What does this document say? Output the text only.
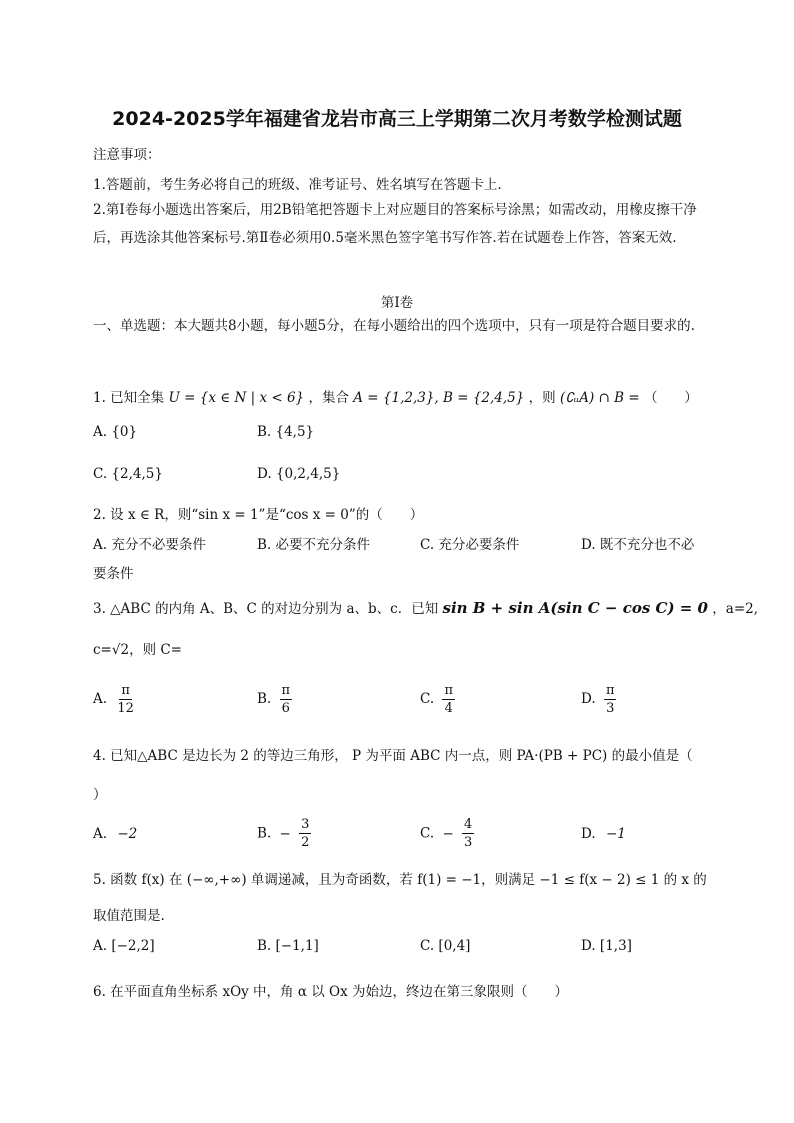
2024-2025学年福建省龙岩市高三上学期第二次月考数学检测试题
注意事项：
1.答题前，考生务必将自己的班级、准考证号、姓名填写在答题卡上.
2.第Ⅰ卷每小题选出答案后，用2B铅笔把答题卡上对应题目的答案标号涂黑；如需改动，用橡皮擦干净后，再选涂其他答案标号.第Ⅱ卷必须用0.5毫米黑色签字笔书写作答.若在试题卷上作答，答案无效.
第Ⅰ卷
一、单选题：本大题共8小题，每小题5分，在每小题给出的四个选项中，只有一项是符合题目要求的.
1. 已知全集 U = {x ∈ N | x < 6} ，集合 A = {1,2,3}, B = {2,4,5} ，则 (∁ᵤA) ∩ B = （　　）
A. {0}	B. {4,5}
C. {2,4,5}	D. {0,2,4,5}
2. 设 x ∈ R，则“sin x = 1”是“cos x = 0”的（　　）
A. 充分不必要条件	B. 必要不充分条件	C. 充分必要条件	D. 既不充分也不必
要条件
3. △ABC 的内角 A、B、C 的对边分别为 a、b、c．已知 sin B + sin A(sin C − cos C) = 0 ，a=2,
c=√2，则 C=
A. $\frac{\pi}{12}$	B. $\frac{\pi}{6}$	C. $\frac{\pi}{4}$	D. $\frac{\pi}{3}$
4. 已知△ABC 是边长为 2 的等边三角形， P 为平面 ABC 内一点，则 PA·(PB + PC) 的最小值是（
）
A. −2	B. − $\frac{3}{2}$	C. − $\frac{4}{3}$	D. −1
5. 函数 f(x) 在 (−∞,+∞) 单调递减，且为奇函数，若 f(1) = −1，则满足 −1 ≤ f(x − 2) ≤ 1 的 x 的
取值范围是.
A. [−2,2]	B. [−1,1]	C. [0,4]	D. [1,3]
6. 在平面直角坐标系 xOy 中，角 α 以 Ox 为始边，终边在第三象限则（　　）
